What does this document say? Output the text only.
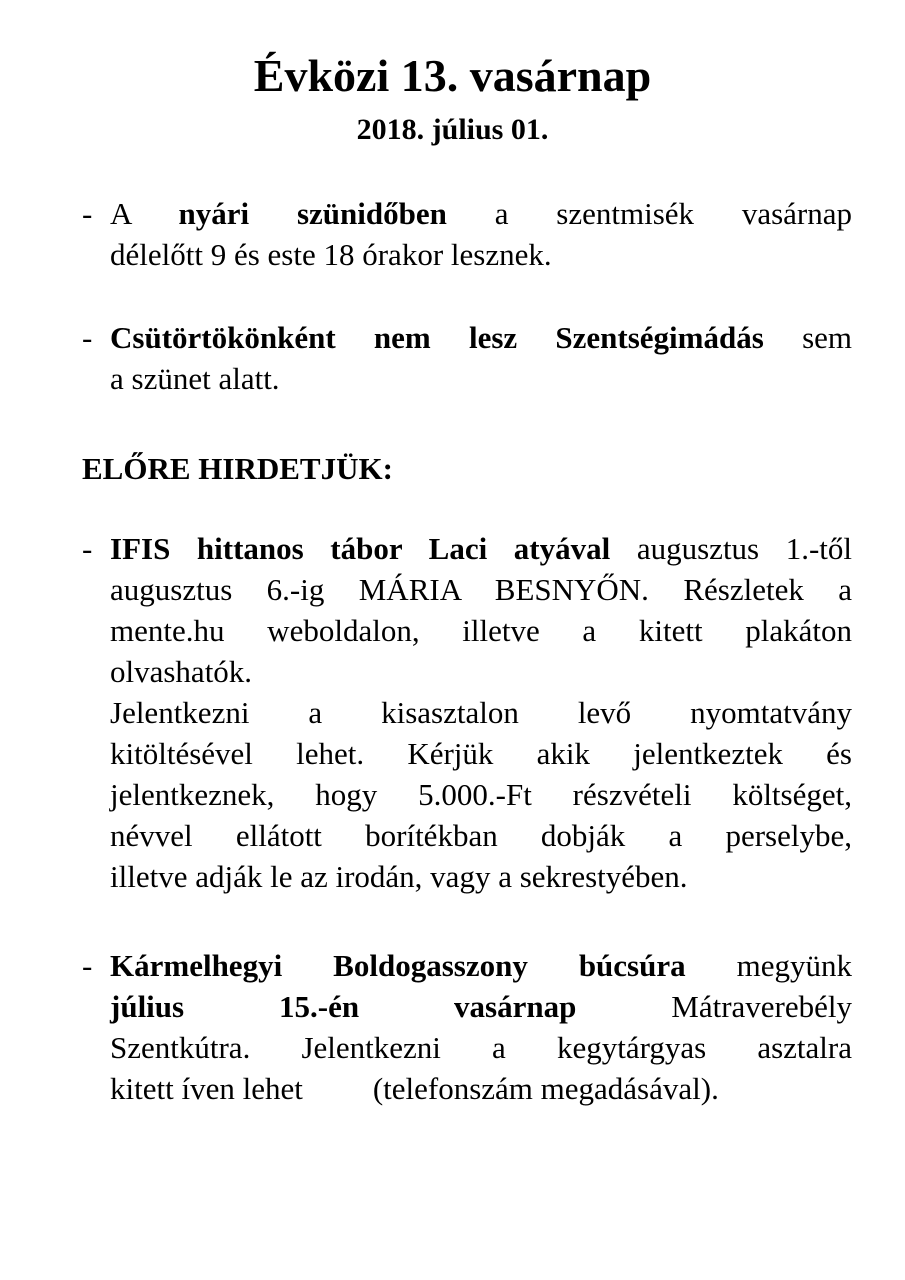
Évközi 13. vasárnap
2018. július 01.
- A nyári szünidőben a szentmisék vasárnap
délelőtt 9 és este 18 órakor lesznek.
- Csütörtökönként nem lesz Szentségimádás sem
a szünet alatt.
ELŐRE HIRDETJÜK:
- IFIS hittanos tábor Laci atyával augusztus 1.-től
augusztus 6.-ig MÁRIA BESNYŐN. Részletek a
mente.hu weboldalon, illetve a kitett plakáton
olvashatók.
Jelentkezni a kisasztalon levő nyomtatvány
kitöltésével lehet. Kérjük akik jelentkeztek és
jelentkeznek, hogy 5.000.-Ft részvételi költséget,
névvel ellátott borítékban dobják a perselybe,
illetve adják le az irodán, vagy a sekrestyében.
- Kármelhegyi Boldogasszony búcsúra megyünk
július	15.-én	vasárnap	Mátraverebély
Szentkútra. Jelentkezni a kegytárgyas asztalra
kitett íven lehet (telefonszám megadásával).
